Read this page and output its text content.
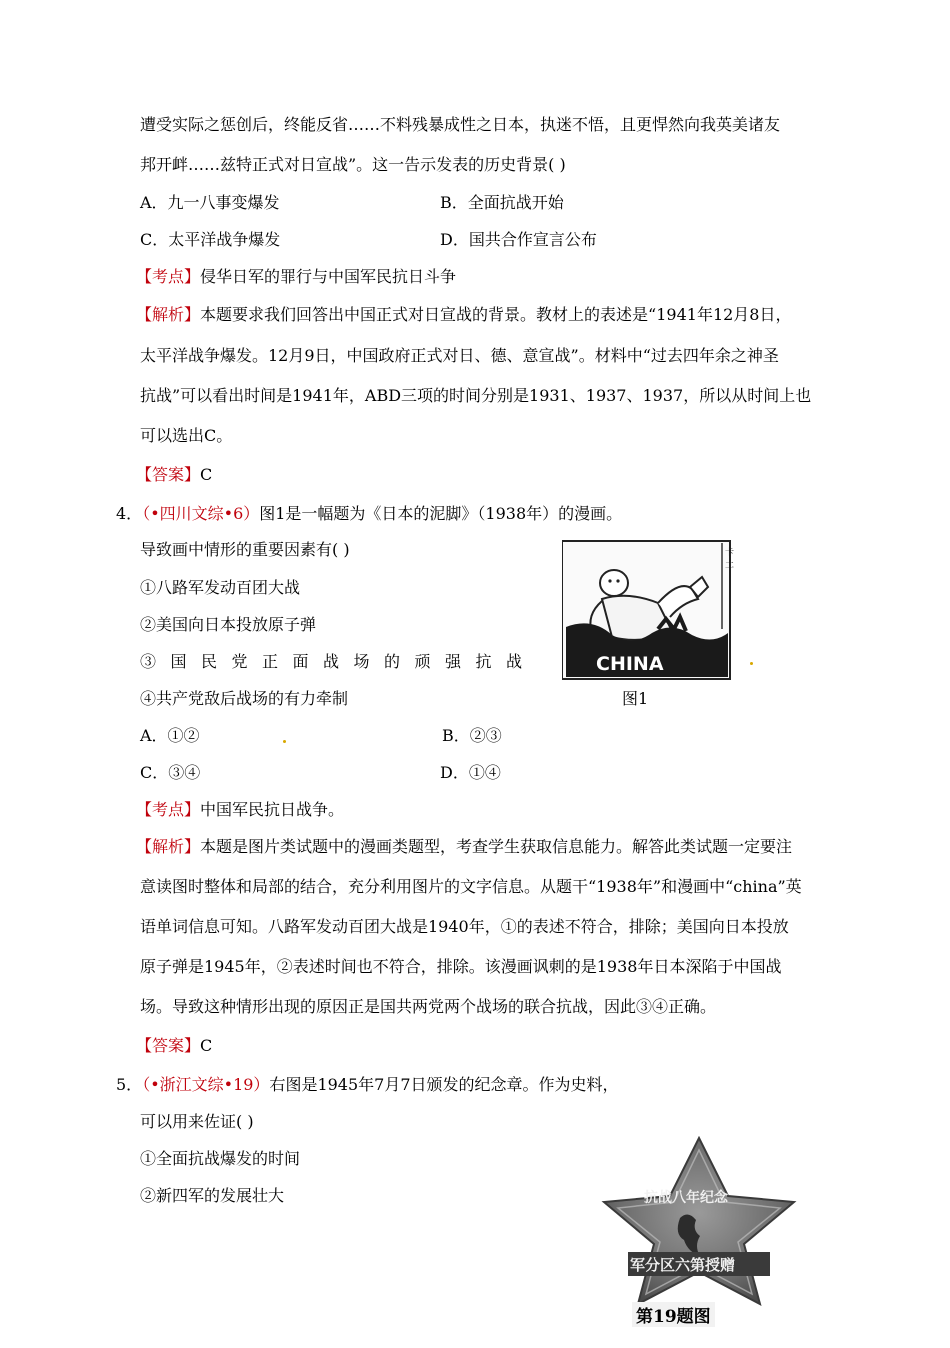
遭受实际之惩创后，终能反省……不料残暴成性之日本，执迷不悟，且更悍然向我英美诸友
邦开衅……兹特正式对日宣战”。这一告示发表的历史背景( )
A．九一八事变爆发	B．全面抗战开始
C．太平洋战争爆发	D．国共合作宣言公布
【考点】侵华日军的罪行与中国军民抗日斗争
【解析】本题要求我们回答出中国正式对日宣战的背景。教材上的表述是“1941年12月8日，
太平洋战争爆发。12月9日，中国政府正式对日、德、意宣战”。材料中“过去四年余之神圣
抗战”可以看出时间是1941年，ABD三项的时间分别是1931、1937、1937，所以从时间上也
可以选出C。
【答案】C
4．（•四川文综•6）图1是一幅题为《日本的泥脚》（1938年）的漫画。
导致画中情形的重要因素有( )
①八路军发动百团大战
②美国向日本投放原子弹
③国民党正面战场的顽强抗战
④共产党敌后战场的有力牵制
卡
土
CHINA
图1
A．①②	B．②③
C．③④	D．①④
【考点】中国军民抗日战争。
【解析】本题是图片类试题中的漫画类题型，考查学生获取信息能力。解答此类试题一定要注
意读图时整体和局部的结合，充分利用图片的文字信息。从题干“1938年”和漫画中“china”英
语单词信息可知。八路军发动百团大战是1940年，①的表述不符合，排除；美国向日本投放
原子弹是1945年，②表述时间也不符合，排除。该漫画讽刺的是1938年日本深陷于中国战
场。导致这种情形出现的原因正是国共两党两个战场的联合抗战，因此③④正确。
【答案】C
5．（•浙江文综•19）右图是1945年7月7日颁发的纪念章。作为史料，
可以用来佐证( )
①全面抗战爆发的时间
②新四军的发展壮大	抗战八年纪念
军分区六第授赠
第19题图
